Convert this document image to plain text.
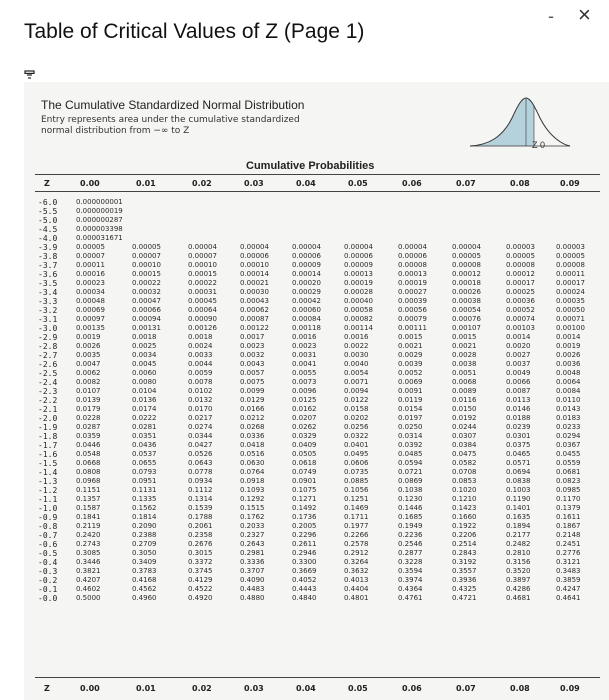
Table of Critical Values of Z (Page 1)
- ×
The Cumulative Standardized Normal Distribution
Entry represents area under the cumulative standardized
normal distribution from −∞ to Z
Z 0
Cumulative Probabilities
Z
Z
0.00
0.00
0.01
0.01
0.02
0.02
0.03
0.03
0.04
0.04
0.05
0.05
0.06
0.06
0.07
0.07
0.08
0.08
0.09
0.09
-6.0
-5.5
-5.0
-4.5
-4.0
-3.9
-3.8
-3.7
-3.6
-3.5
-3.4
-3.3
-3.2
-3.1
-3.0
-2.9
-2.8
-2.7
-2.6
-2.5
-2.4
-2.3
-2.2
-2.1
-2.0
-1.9
-1.8
-1.7
-1.6
-1.5
-1.4
-1.3
-1.2
-1.1
-1.0
-0.9
-0.8
-0.7
-0.6
-0.5
-0.4
-0.3
-0.2
-0.1
-0.0
0.000000001
0.000000019
0.000000287
0.000003398
0.000031671
0.00005
0.00007
0.00011
0.00016
0.00023
0.00034
0.00048
0.00069
0.00097
0.00135
0.0019
0.0026
0.0035
0.0047
0.0062
0.0082
0.0107
0.0139
0.0179
0.0228
0.0287
0.0359
0.0446
0.0548
0.0668
0.0808
0.0968
0.1151
0.1357
0.1587
0.1841
0.2119
0.2420
0.2743
0.3085
0.3446
0.3821
0.4207
0.4602
0.5000
0.00005
0.00007
0.00010
0.00015
0.00022
0.00032
0.00047
0.00066
0.00094
0.00131
0.0018
0.0025
0.0034
0.0045
0.0060
0.0080
0.0104
0.0136
0.0174
0.0222
0.0281
0.0351
0.0436
0.0537
0.0655
0.0793
0.0951
0.1131
0.1335
0.1562
0.1814
0.2090
0.2388
0.2709
0.3050
0.3409
0.3783
0.4168
0.4562
0.4960
0.00004
0.00007
0.00010
0.00015
0.00022
0.00031
0.00045
0.00064
0.00090
0.00126
0.0018
0.0024
0.0033
0.0044
0.0059
0.0078
0.0102
0.0132
0.0170
0.0217
0.0274
0.0344
0.0427
0.0526
0.0643
0.0778
0.0934
0.1112
0.1314
0.1539
0.1788
0.2061
0.2358
0.2676
0.3015
0.3372
0.3745
0.4129
0.4522
0.4920
0.00004
0.00006
0.00010
0.00014
0.00021
0.00030
0.00043
0.00062
0.00087
0.00122
0.0017
0.0023
0.0032
0.0043
0.0057
0.0075
0.0099
0.0129
0.0166
0.0212
0.0268
0.0336
0.0418
0.0516
0.0630
0.0764
0.0918
0.1093
0.1292
0.1515
0.1762
0.2033
0.2327
0.2643
0.2981
0.3336
0.3707
0.4090
0.4483
0.4880
0.00004
0.00006
0.00009
0.00014
0.00020
0.00029
0.00042
0.00060
0.00084
0.00118
0.0016
0.0023
0.0031
0.0041
0.0055
0.0073
0.0096
0.0125
0.0162
0.0207
0.0262
0.0329
0.0409
0.0505
0.0618
0.0749
0.0901
0.1075
0.1271
0.1492
0.1736
0.2005
0.2296
0.2611
0.2946
0.3300
0.3669
0.4052
0.4443
0.4840
0.00004
0.00006
0.00009
0.00013
0.00019
0.00028
0.00040
0.00058
0.00082
0.00114
0.0016
0.0022
0.0030
0.0040
0.0054
0.0071
0.0094
0.0122
0.0158
0.0202
0.0256
0.0322
0.0401
0.0495
0.0606
0.0735
0.0885
0.1056
0.1251
0.1469
0.1711
0.1977
0.2266
0.2578
0.2912
0.3264
0.3632
0.4013
0.4404
0.4801
0.00004
0.00006
0.00008
0.00013
0.00019
0.00027
0.00039
0.00056
0.00079
0.00111
0.0015
0.0021
0.0029
0.0039
0.0052
0.0069
0.0091
0.0119
0.0154
0.0197
0.0250
0.0314
0.0392
0.0485
0.0594
0.0721
0.0869
0.1038
0.1230
0.1446
0.1685
0.1949
0.2236
0.2546
0.2877
0.3228
0.3594
0.3974
0.4364
0.4761
0.00004
0.00005
0.00008
0.00012
0.00018
0.00026
0.00038
0.00054
0.00076
0.00107
0.0015
0.0021
0.0028
0.0038
0.0051
0.0068
0.0089
0.0116
0.0150
0.0192
0.0244
0.0307
0.0384
0.0475
0.0582
0.0708
0.0853
0.1020
0.1210
0.1423
0.1660
0.1922
0.2206
0.2514
0.2843
0.3192
0.3557
0.3936
0.4325
0.4721
0.00003
0.00005
0.00008
0.00012
0.00017
0.00025
0.00036
0.00052
0.00074
0.00103
0.0014
0.0020
0.0027
0.0037
0.0049
0.0066
0.0087
0.0113
0.0146
0.0188
0.0239
0.0301
0.0375
0.0465
0.0571
0.0694
0.0838
0.1003
0.1190
0.1401
0.1635
0.1894
0.2177
0.2482
0.2810
0.3156
0.3520
0.3897
0.4286
0.4681
0.00003
0.00005
0.00008
0.00011
0.00017
0.00024
0.00035
0.00050
0.00071
0.00100
0.0014
0.0019
0.0026
0.0036
0.0048
0.0064
0.0084
0.0110
0.0143
0.0183
0.0233
0.0294
0.0367
0.0455
0.0559
0.0681
0.0823
0.0985
0.1170
0.1379
0.1611
0.1867
0.2148
0.2451
0.2776
0.3121
0.3483
0.3859
0.4247
0.4641
